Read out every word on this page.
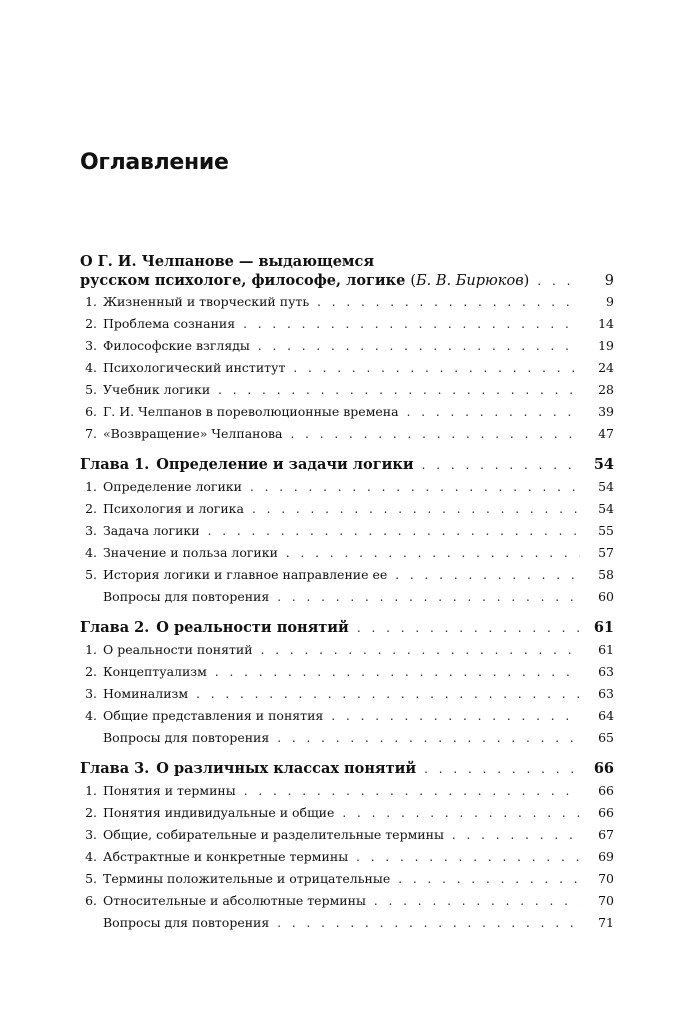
Оглавление
О Г. И. Челпанове — выдающемся
русском психологе, философе, логике ( Б. В. Бирюков ) . . .	9
1. Жизненный и творческий путь . . .	9
2. Проблема сознания . . .	14
3. Философские взгляды . . .	19
4. Психологический институт . . .	24
5. Учебник логики . . .	28
6. Г. И. Челпанов в пореволюционные времена . . .	39
7. «Возвращение» Челпанова . . .	47
Глава 1. Определение и задачи логики . . .	54
1. Определение логики . . .	54
2. Психология и логика . . .	54
3. Задача логики . . .	55
4. Значение и польза логики . . .	57
5. История логики и главное направление ее . . .	58
Вопросы для повторения . . .	60
Глава 2. О реальности понятий . . .	61
1. О реальности понятий . . .	61
2. Концептуализм . . .	63
3. Номинализм . . .	63
4. Общие представления и понятия . . .	64
Вопросы для повторения . . .	65
Глава 3. О различных классах понятий . . .	66
1. Понятия и термины . . .	66
2. Понятия индивидуальные и общие . . .	66
3. Общие, собирательные и разделительные термины . . .	67
4. Абстрактные и конкретные термины . . .	69
5. Термины положительные и отрицательные . . .	70
6. Относительные и абсолютные термины . . .	70
Вопросы для повторения . . .	71
